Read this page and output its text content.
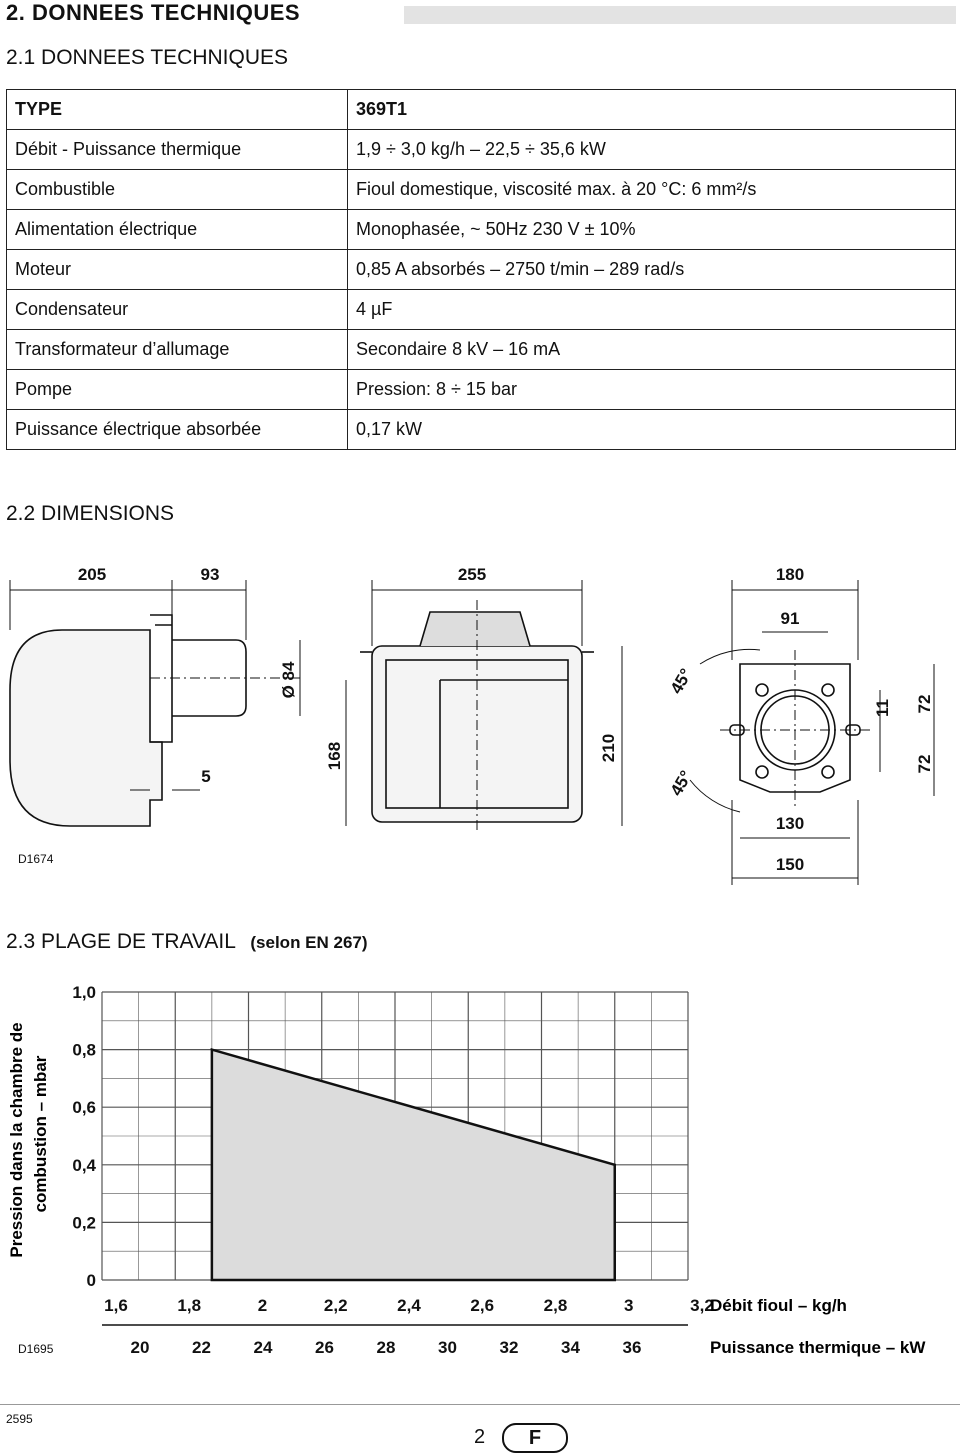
2. DONNEES TECHNIQUES
2.1 DONNEES TECHNIQUES
TYPE	369T1
Débit - Puissance thermique	1,9 ÷ 3,0 kg/h – 22,5 ÷ 35,6 kW
Combustible	Fioul domestique, viscosité max. à 20 °C: 6 mm²/s
Alimentation électrique	Monophasée, ~ 50Hz 230 V ± 10%
Moteur	0,85 A absorbés – 2750 t/min – 289 rad/s
Condensateur	4 µF
Transformateur d’allumage	Secondaire 8 kV – 16 mA
Pompe	Pression: 8 ÷ 15 bar
Puissance électrique absorbée	0,17 kW
2.2 DIMENSIONS
205	93	255	180
91
5
130
150
Ø 84
168	210
45°
45°
11 72
72
D1674
2.3 PLAGE DE TRAVAIL (selon EN 267)
0
0,2
0,4
0,6
0,8
1,0
1,6	1,8	2	2,2	2,4	2,6	2,8	3	3,2
20	22	24	26	28	30	32	34	36
Débit fioul – kg/h
Puissance thermique – kW
Pression dans la chambre de combustion – mbar
D1695
2595
2	F
